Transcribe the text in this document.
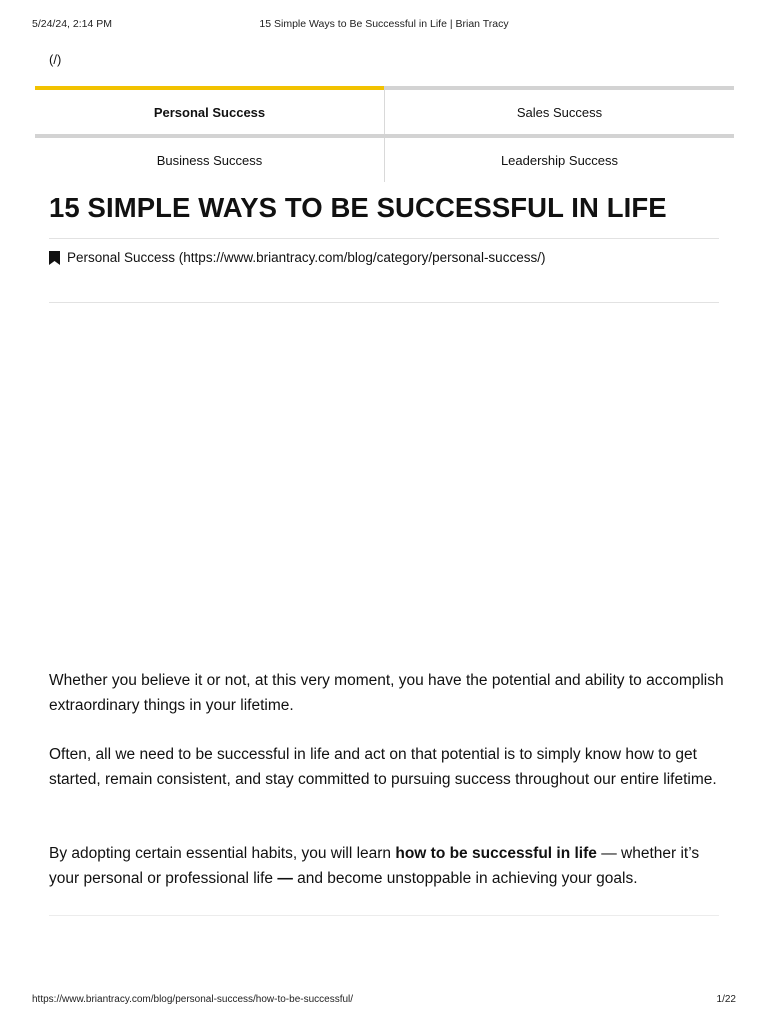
5/24/24, 2:14 PM	15 Simple Ways to Be Successful in Life | Brian Tracy
(/)
Personal Success	Sales Success
Business Success	Leadership Success
15 SIMPLE WAYS TO BE SUCCESSFUL IN LIFE
Personal Success (https://www.briantracy.com/blog/category/personal-success/)

Whether you believe it or not, at this very moment, you have the potential and ability to accomplish extraordinary things in your lifetime.

Often, all we need to be successful in life and act on that potential is to simply know how to get started, remain consistent, and stay committed to pursuing success throughout our entire lifetime.

By adopting certain essential habits, you will learn how to be successful in life — whether it’s your personal or professional life — and become unstoppable in achieving your goals.

https://www.briantracy.com/blog/personal-success/how-to-be-successful/	1/22
